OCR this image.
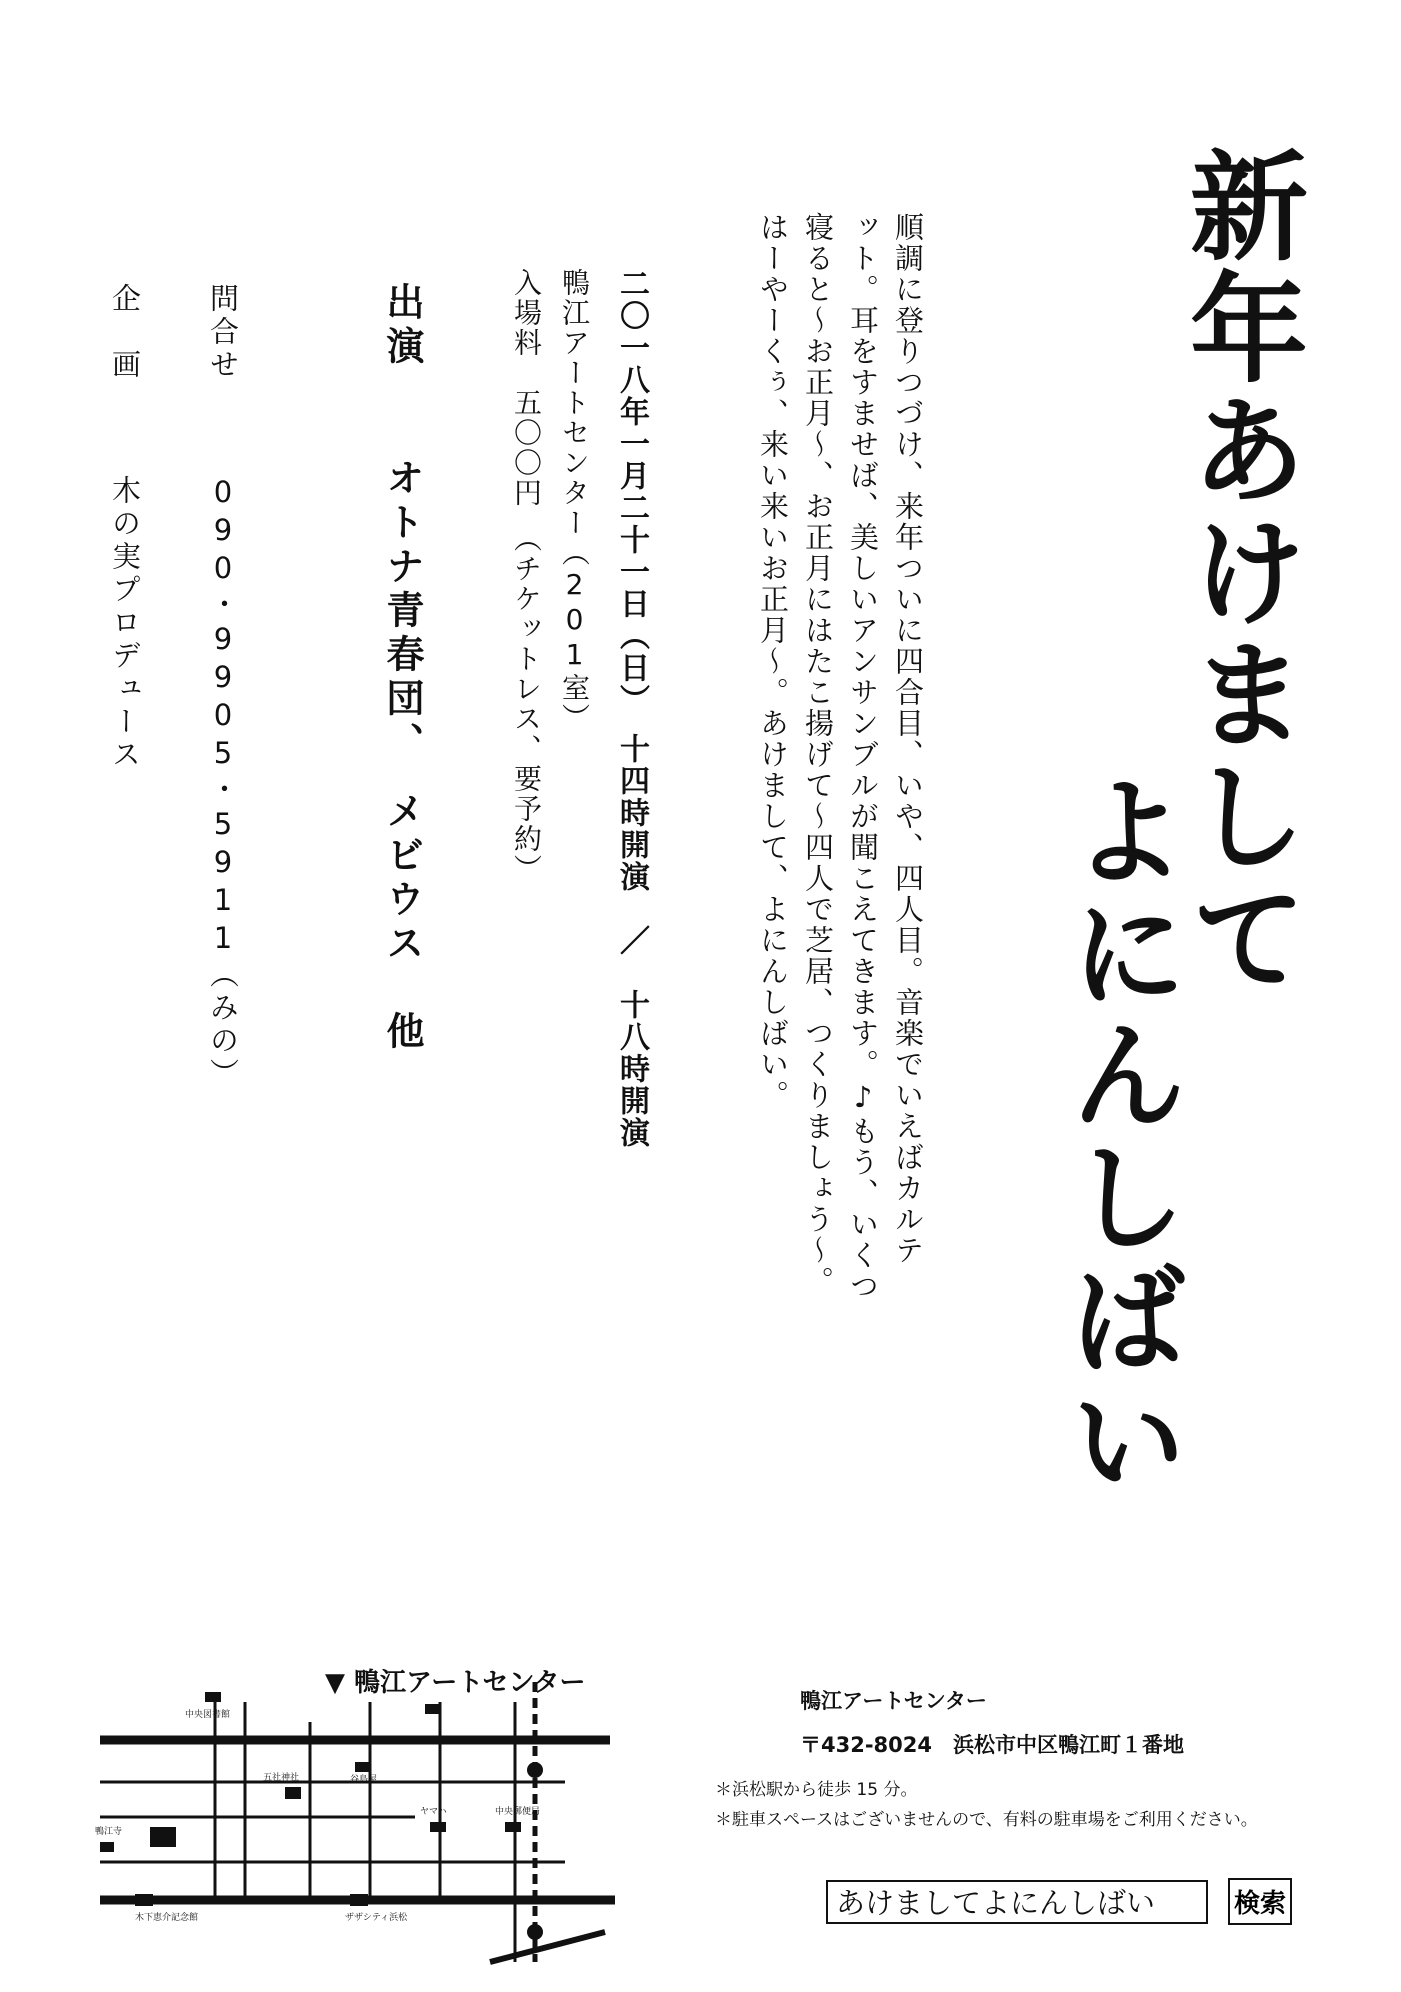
新年あけまして
よにんしばい
順調に登りつづけ、来年ついに四合目、いや、四人目。音楽でいえばカルテ
ット。耳をすませば、美しいアンサンブルが聞こえてきます。♪もう、いくつ
寝ると〜お正月〜、お正月にはたこ揚げて〜四人で芝居、つくりましょう〜。
はーやーくぅ、来い来いお正月〜。あけまして、よにんしばい。
二〇一八年一月二十一日（日）　十四時開演　／　十八時開演
鴨江アートセンター（201室）
入場料　五〇〇円　（チケットレス、要予約）
出演　　オトナ青春団、　メビウス　他
問合せ
090・9905・5911（みの）
企　画
木の実プロデュース
▼ 鴨江アートセンター
中央図書館
五社神社	谷島屋
ヤマハ	中央郵便局
鴨江寺
木下恵介記念館	ザザシティ浜松
鴨江アートセンター
〒432-8024　浜松市中区鴨江町１番地
＊浜松駅から徒歩 15 分。
＊駐車スペースはございませんので、有料の駐車場をご利用ください。
あけましてよにんしばい
検索
